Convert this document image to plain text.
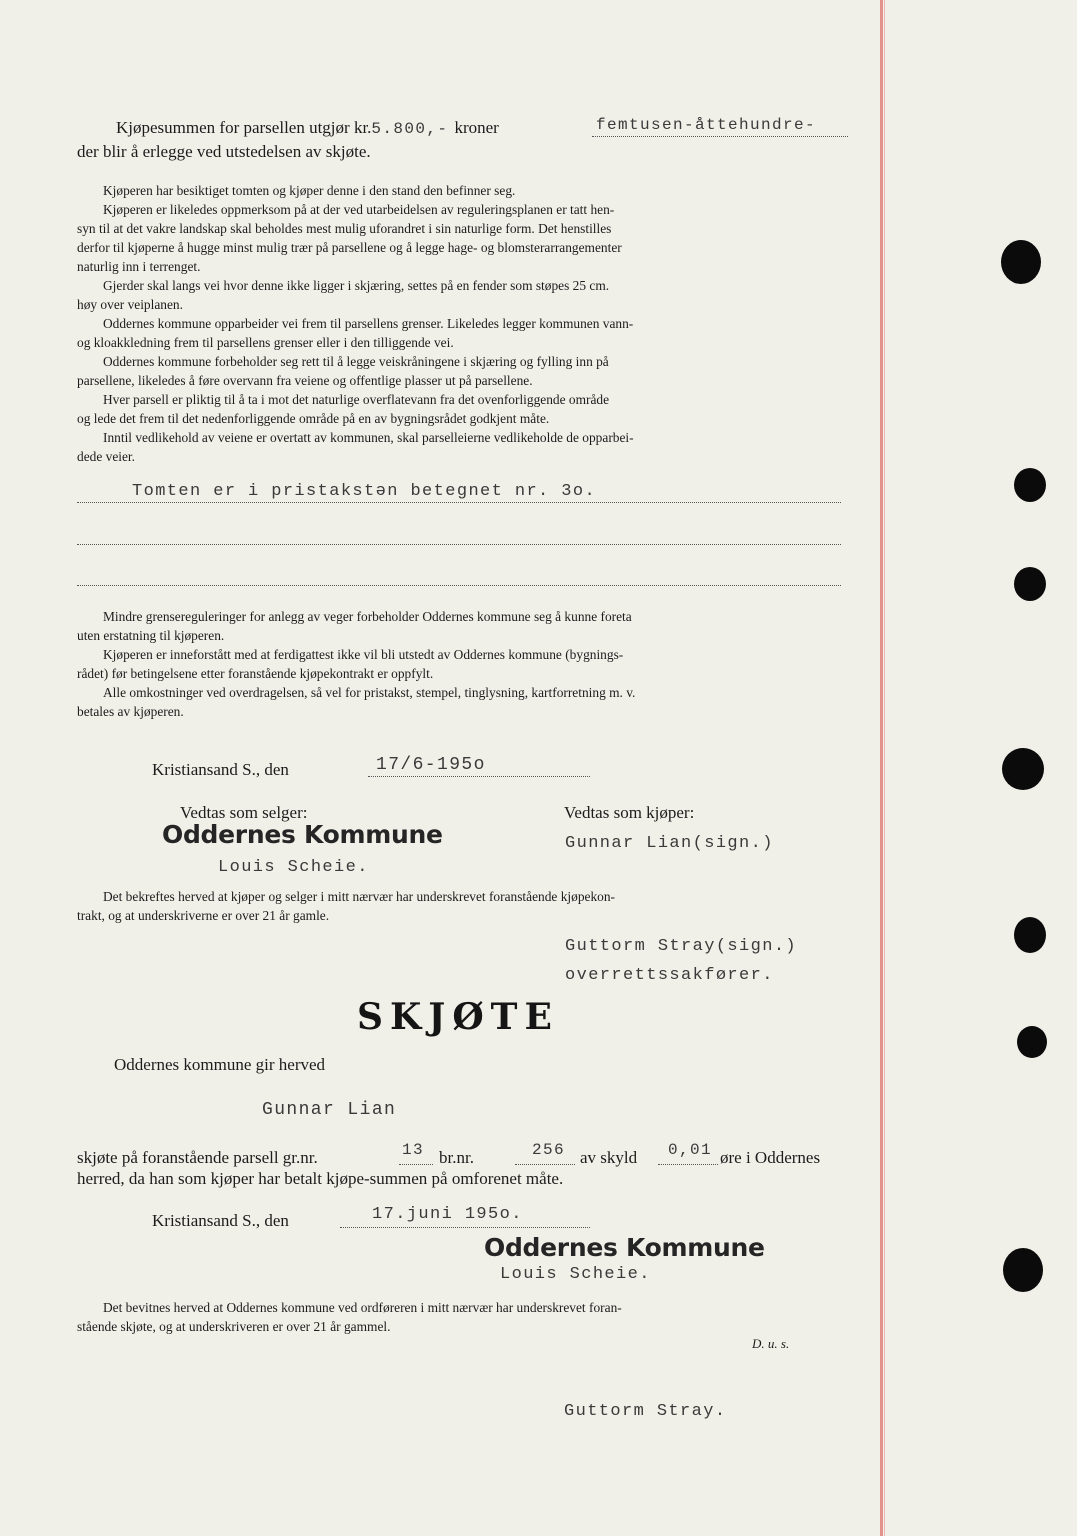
Kjøpesummen for parsellen utgjør kr.5.800,- kroner	femtusen-åttehundre-
der blir å erlegge ved utstedelsen av skjøte.
Kjøperen har besiktiget tomten og kjøper denne i den stand den befinner seg.
Kjøperen er likeledes oppmerksom på at der ved utarbeidelsen av reguleringsplanen er tatt hen-
syn til at det vakre landskap skal beholdes mest mulig uforandret i sin naturlige form. Det henstilles
derfor til kjøperne å hugge minst mulig trær på parsellene og å legge hage- og blomsterarrangementer
naturlig inn i terrenget.
Gjerder skal langs vei hvor denne ikke ligger i skjæring, settes på en fender som støpes 25 cm.
høy over veiplanen.
Oddernes kommune opparbeider vei frem til parsellens grenser. Likeledes legger kommunen vann-
og kloakkledning frem til parsellens grenser eller i den tilliggende vei.
Oddernes kommune forbeholder seg rett til å legge veiskråningene i skjæring og fylling inn på
parsellene, likeledes å føre overvann fra veiene og offentlige plasser ut på parsellene.
Hver parsell er pliktig til å ta i mot det naturlige overflatevann fra det ovenforliggende område
og lede det frem til det nedenforliggende område på en av bygningsrådet godkjent måte.
Inntil vedlikehold av veiene er overtatt av kommunen, skal parselleierne vedlikeholde de opparbei-
dede veier.
Tomten er i pristakstən betegnet nr. 3o.
Mindre grensereguleringer for anlegg av veger forbeholder Oddernes kommune seg å kunne foreta
uten erstatning til kjøperen.
Kjøperen er inneforstått med at ferdigattest ikke vil bli utstedt av Oddernes kommune (bygnings-
rådet) før betingelsene etter foranstående kjøpekontrakt er oppfylt.
Alle omkostninger ved overdragelsen, så vel for pristakst, stempel, tinglysning, kartforretning m. v.
betales av kjøperen.
Kristiansand S., den	17/6-195o
Vedtas som selger:	Vedtas som kjøper:
Oddernes Kommune
Louis Scheie.
Gunnar Lian(sign.)
Det bekreftes herved at kjøper og selger i mitt nærvær har underskrevet foranstående kjøpekon-
trakt, og at underskriverne er over 21 år gamle.
Guttorm Stray(sign.)
overrettssakfører.
SKJØTE
Oddernes kommune gir herved
Gunnar Lian
skjøte på foranstående parsell gr.nr.	13 br.nr.	256 av skyld 0,01 øre i Oddernes
herred, da han som kjøper har betalt kjøpe-summen på omforenet måte.
Kristiansand S., den	17.juni 195o.
Oddernes Kommune
Louis Scheie.
Det bevitnes herved at Oddernes kommune ved ordføreren i mitt nærvær har underskrevet foran-
stående skjøte, og at underskriveren er over 21 år gammel.
D. u. s.
Guttorm Stray.
